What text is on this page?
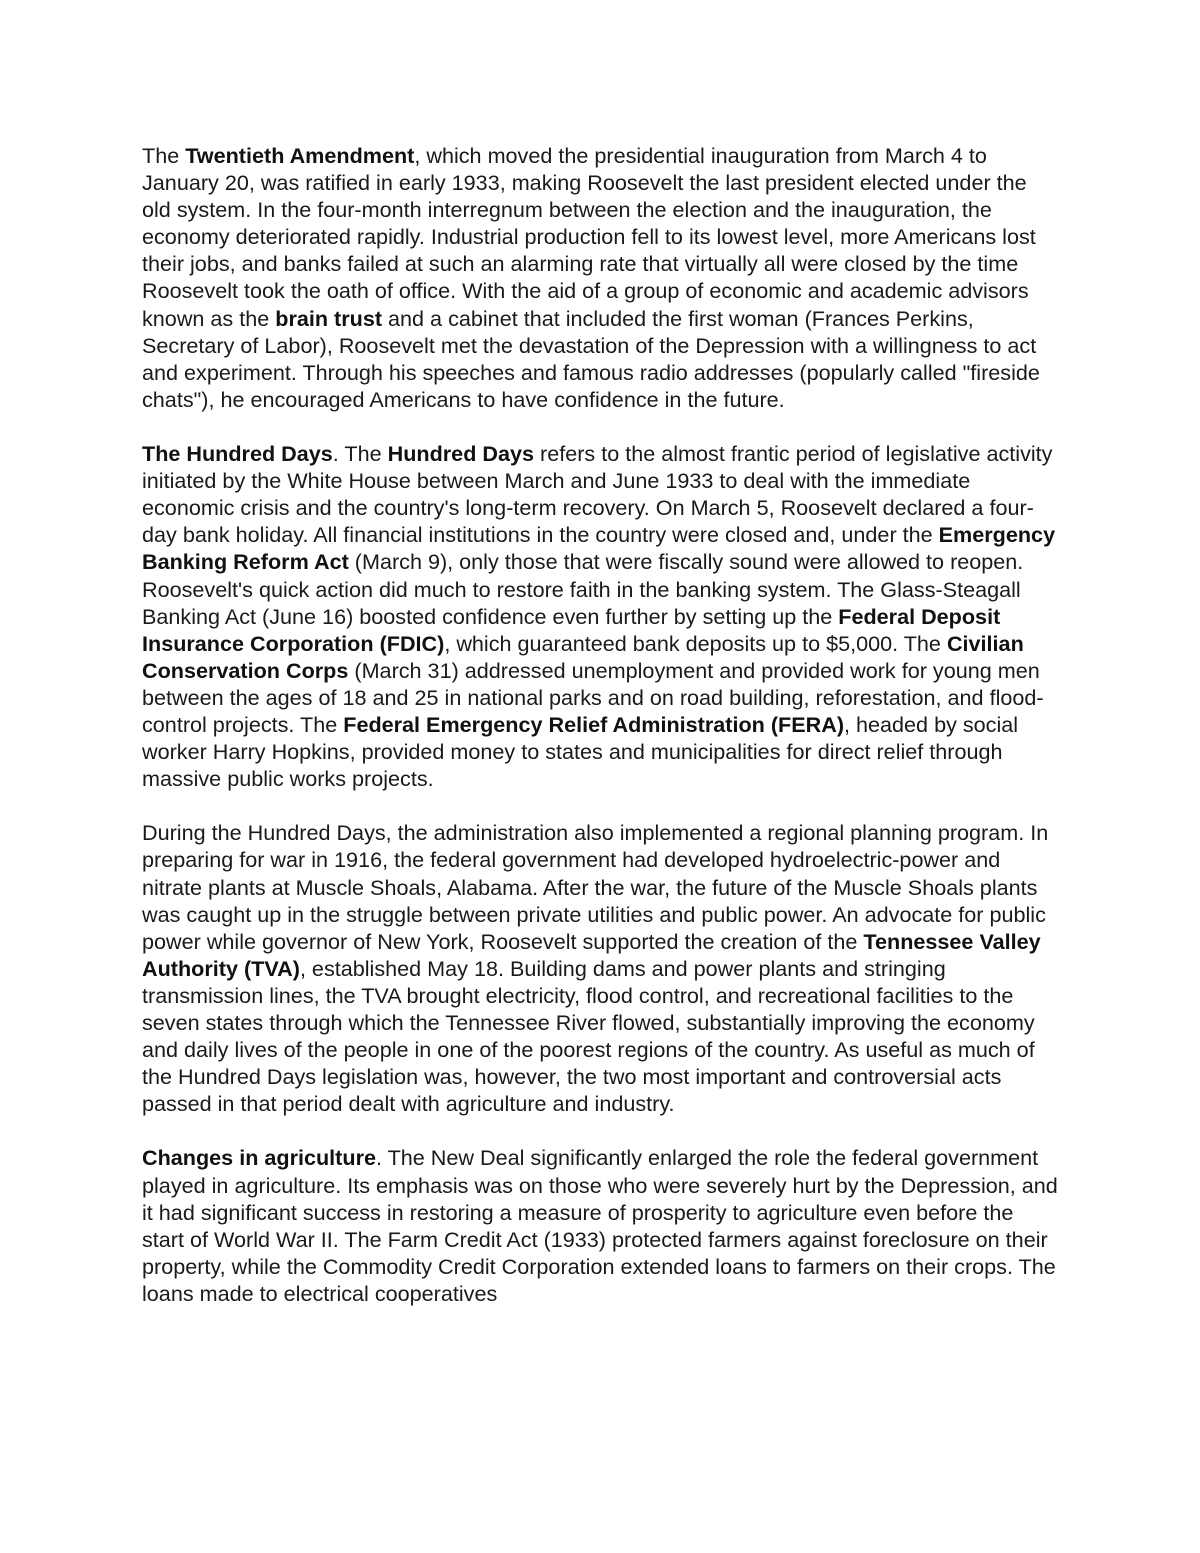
The Twentieth Amendment, which moved the presidential inauguration from March 4 to January 20, was ratified in early 1933, making Roosevelt the last president elected under the old system. In the four-month interregnum between the election and the inauguration, the economy deteriorated rapidly. Industrial production fell to its lowest level, more Americans lost their jobs, and banks failed at such an alarming rate that virtually all were closed by the time Roosevelt took the oath of office. With the aid of a group of economic and academic advisors known as the brain trust and a cabinet that included the first woman (Frances Perkins, Secretary of Labor), Roosevelt met the devastation of the Depression with a willingness to act and experiment. Through his speeches and famous radio addresses (popularly called "fireside chats"), he encouraged Americans to have confidence in the future.

The Hundred Days. The Hundred Days refers to the almost frantic period of legislative activity initiated by the White House between March and June 1933 to deal with the immediate economic crisis and the country's long-term recovery. On March 5, Roosevelt declared a four-day bank holiday. All financial institutions in the country were closed and, under the Emergency Banking Reform Act (March 9), only those that were fiscally sound were allowed to reopen. Roosevelt's quick action did much to restore faith in the banking system. The Glass-Steagall Banking Act (June 16) boosted confidence even further by setting up the Federal Deposit Insurance Corporation (FDIC), which guaranteed bank deposits up to $5,000. The Civilian Conservation Corps (March 31) addressed unemployment and provided work for young men between the ages of 18 and 25 in national parks and on road building, reforestation, and flood-control projects. The Federal Emergency Relief Administration (FERA), headed by social worker Harry Hopkins, provided money to states and municipalities for direct relief through massive public works projects.

During the Hundred Days, the administration also implemented a regional planning program. In preparing for war in 1916, the federal government had developed hydroelectric-power and nitrate plants at Muscle Shoals, Alabama. After the war, the future of the Muscle Shoals plants was caught up in the struggle between private utilities and public power. An advocate for public power while governor of New York, Roosevelt supported the creation of the Tennessee Valley Authority (TVA), established May 18. Building dams and power plants and stringing transmission lines, the TVA brought electricity, flood control, and recreational facilities to the seven states through which the Tennessee River flowed, substantially improving the economy and daily lives of the people in one of the poorest regions of the country. As useful as much of the Hundred Days legislation was, however, the two most important and controversial acts passed in that period dealt with agriculture and industry.

Changes in agriculture. The New Deal significantly enlarged the role the federal government played in agriculture. Its emphasis was on those who were severely hurt by the Depression, and it had significant success in restoring a measure of prosperity to agriculture even before the start of World War II. The Farm Credit Act (1933) protected farmers against foreclosure on their property, while the Commodity Credit Corporation extended loans to farmers on their crops. The loans made to electrical cooperatives
